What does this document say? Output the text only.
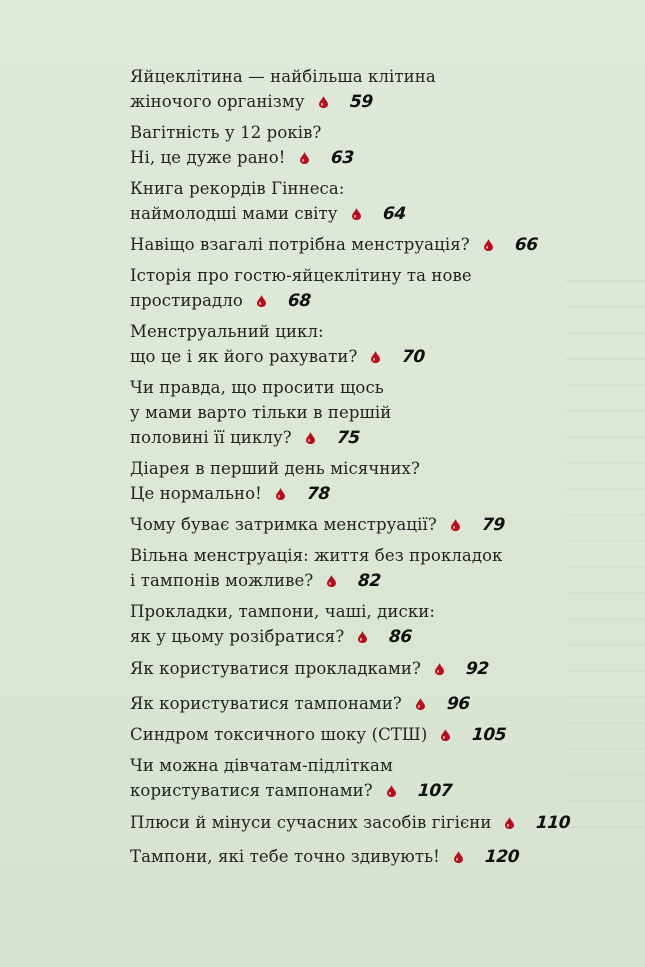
Яйцеклітина — найбільша клітина
жіночого організму	59
Вагітність у 12 років?
Ні, це дуже рано!	63
Книга рекордів Гіннеса:
наймолодші мами світу	64
Навіщо взагалі потрібна менструація?	66
Історія про гостю-яйцеклітину та нове
простирадло	68
Менструальний цикл:
що це і як його рахувати?	70
Чи правда, що просити щось
у мами варто тільки в першій
половині її циклу?	75
Діарея в перший день місячних?
Це нормально!	78
Чому буває затримка менструації?	79
Вільна менструація: життя без прокладок
і тампонів можливе?	82
Прокладки, тампони, чаші, диски:
як у цьому розібратися?	86
Як користуватися прокладками?	92
Як користуватися тампонами?	96
Синдром токсичного шоку (СТШ)	105
Чи можна дівчатам-підліткам
користуватися тампонами?	107
Плюси й мінуси сучасних засобів гігієни	110
Тампони, які тебе точно здивують!	120
